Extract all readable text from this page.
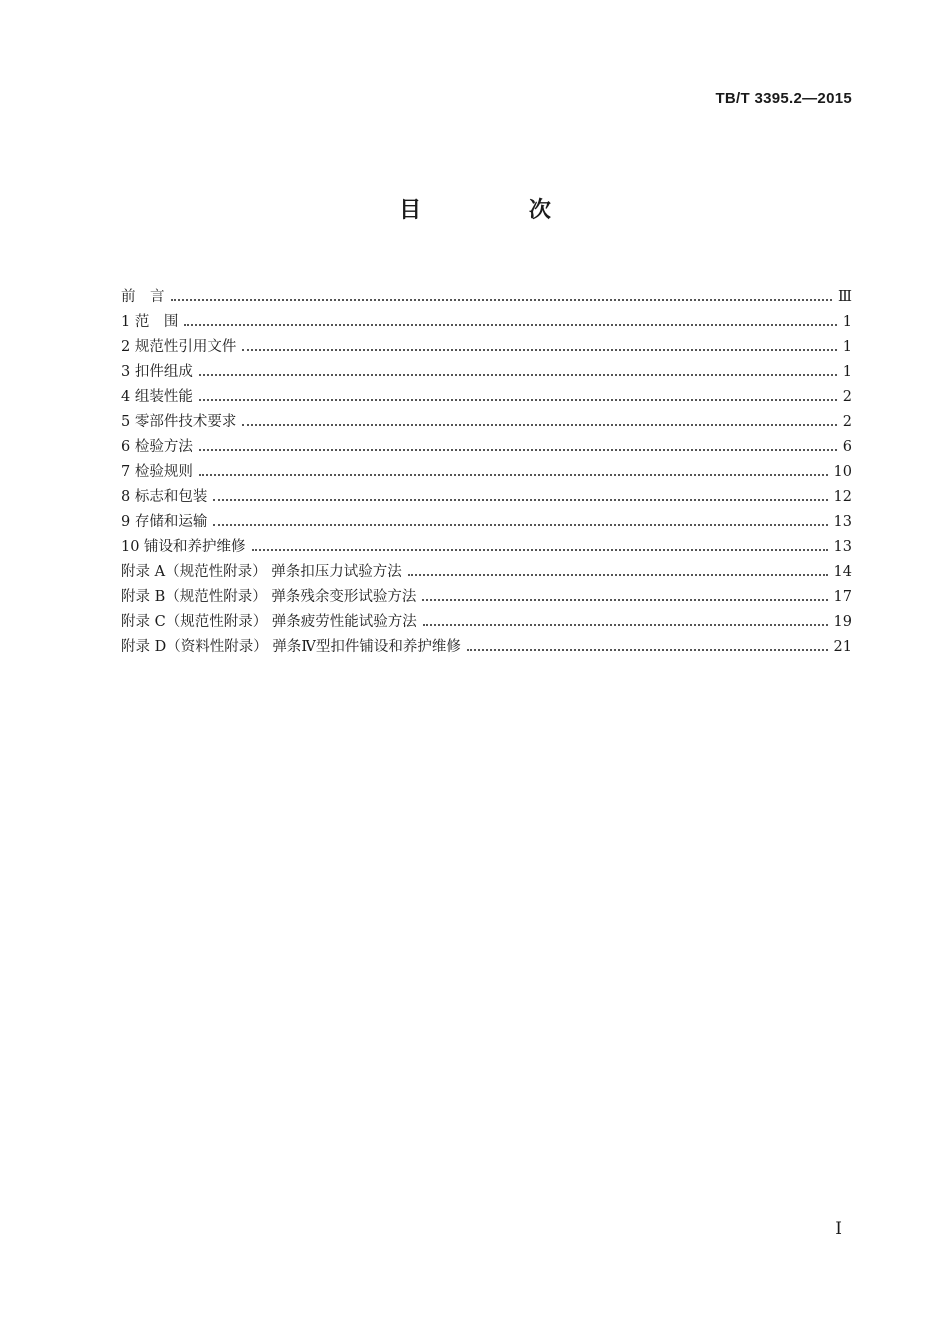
TB/T 3395.2—2015
目 次
前　言	Ⅲ
1 范　围	1
2 规范性引用文件	1
3 扣件组成	1
4 组装性能	2
5 零部件技术要求	2
6 检验方法	6
7 检验规则	10
8 标志和包装	12
9 存储和运输	13
10 铺设和养护维修	13
附录 A（规范性附录） 弹条扣压力试验方法	14
附录 B（规范性附录） 弹条残余变形试验方法	17
附录 C（规范性附录） 弹条疲劳性能试验方法	19
附录 D（资料性附录） 弹条Ⅳ型扣件铺设和养护维修	21
I
